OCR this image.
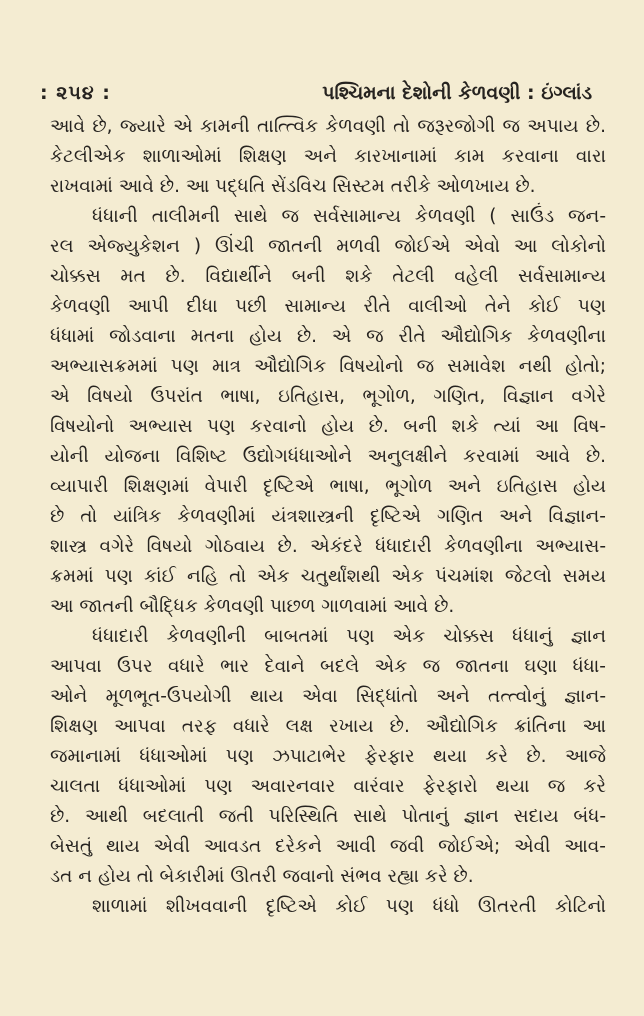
: ૨૫૪ :	પશ્ચિમના દેશોની કેળવણી : ઇંગ્લાંડ
આવે છે, જ્યારે એ કામની તાત્ત્વિક કેળવણી તો જરૂરજોગી જ અપાય છે.
કેટલીએક શાળાઓમાં શિક્ષણ અને કારખાનામાં કામ કરવાના વારા
રાખવામાં આવે છે. આ પદ્ધતિ સેંડવિચ સિસ્ટમ તરીકે ઓળખાય છે.
ધંધાની તાલીમની સાથે જ સર્વસામાન્ય કેળવણી ( સાઉંડ જન-
રલ એજ્યુકેશન ) ઊંચી જાતની મળવી જોઈએ એવો આ લોકોનો
ચોક્કસ મત છે. વિદ્યાર્થીને બની શકે તેટલી વહેલી સર્વસામાન્ય
કેળવણી આપી દીધા પછી સામાન્ય રીતે વાલીઓ તેને કોઈ પણ
ધંધામાં જોડવાના મતના હોય છે. એ જ રીતે ઔદ્યોગિક કેળવણીના
અભ્યાસક્રમમાં પણ માત્ર ઔદ્યોગિક વિષયોનો જ સમાવેશ નથી હોતો;
એ વિષયો ઉપરાંત ભાષા, ઇતિહાસ, ભૂગોળ, ગણિત, વિજ્ઞાન વગેરે
વિષયોનો અભ્યાસ પણ કરવાનો હોય છે. બની શકે ત્યાં આ વિષ-
યોની યોજના વિશિષ્ટ ઉદ્યોગધંધાઓને અનુલક્ષીને કરવામાં આવે છે.
વ્યાપારી શિક્ષણમાં વેપારી દૃષ્ટિએ ભાષા, ભૂગોળ અને ઇતિહાસ હોય
છે તો યાંત્રિક કેળવણીમાં યંત્રશાસ્ત્રની દૃષ્ટિએ ગણિત અને વિજ્ઞાન-
શાસ્ત્ર વગેરે વિષયો ગોઠવાય છે. એકંદરે ધંધાદારી કેળવણીના અભ્યાસ-
ક્રમમાં પણ કાંઈ નહિ તો એક ચતુર્થાંશથી એક પંચમાંશ જેટલો સમય
આ જાતની બૌદ્ધિક કેળવણી પાછળ ગાળવામાં આવે છે.
ધંધાદારી કેળવણીની બાબતમાં પણ એક ચોક્કસ ધંધાનું જ્ઞાન
આપવા ઉપર વધારે ભાર દેવાને બદલે એક જ જાતના ઘણા ધંધા-
ઓને મૂળભૂત-ઉપયોગી થાય એવા સિદ્ધાંતો અને તત્ત્વોનું જ્ઞાન-
શિક્ષણ આપવા તરફ વધારે લક્ષ રખાય છે. ઔદ્યોગિક ક્રાંતિના આ
જમાનામાં ધંધાઓમાં પણ ઝપાટાભેર ફેરફાર થયા કરે છે. આજે
ચાલતા ધંધાઓમાં પણ અવારનવાર વારંવાર ફેરફારો થયા જ કરે
છે. આથી બદલાતી જતી પરિસ્થિતિ સાથે પોતાનું જ્ઞાન સદાય બંધ-
બેસતું થાય એવી આવડત દરેકને આવી જવી જોઈએ; એવી આવ-
ડત ન હોય તો બેકારીમાં ઊતરી જવાનો સંભવ રહ્યા કરે છે.
શાળામાં શીખવવાની દૃષ્ટિએ કોઈ પણ ધંધો ઊતરતી કોટિનો
